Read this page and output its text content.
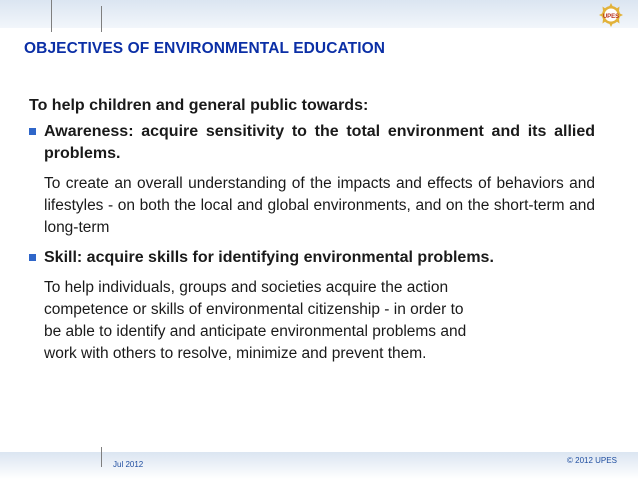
UPES
OBJECTIVES OF ENVIRONMENTAL EDUCATION

To help children and general public towards:

Awareness: acquire sensitivity to the total environment and its allied problems.

To create an overall understanding of the impacts and effects of behaviors and lifestyles - on both the local and global environments, and on the short-term and long-term

Skill: acquire skills for identifying environmental problems.

To help individuals, groups and societies acquire the action
competence or skills of environmental citizenship - in order to
be able to identify and anticipate environmental problems and
work with others to resolve, minimize and prevent them.

Jul 2012	© 2012 UPES
